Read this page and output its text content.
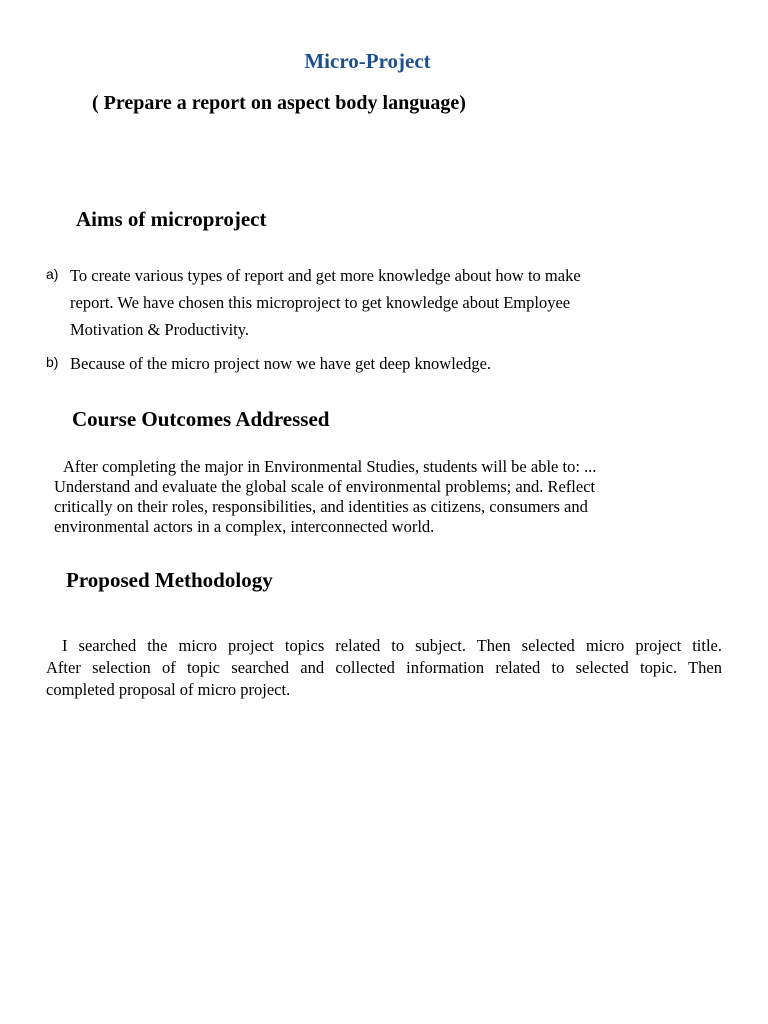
Micro-Project
( Prepare a report on aspect body language)
Aims of microproject
a) To create various types of report and get more knowledge about how to make
report. We have chosen this microproject to get knowledge about Employee
Motivation & Productivity.
b) Because of the micro project now we have get deep knowledge.
Course Outcomes Addressed
After completing the major in Environmental Studies, students will be able to: ...
Understand and evaluate the global scale of environmental problems; and. Reflect
critically on their roles, responsibilities, and identities as citizens, consumers and
environmental actors in a complex, interconnected world.
Proposed Methodology
I searched the micro project topics related to subject. Then selected micro project title.
After selection of topic searched and collected information related to selected topic. Then
completed proposal of micro project.
